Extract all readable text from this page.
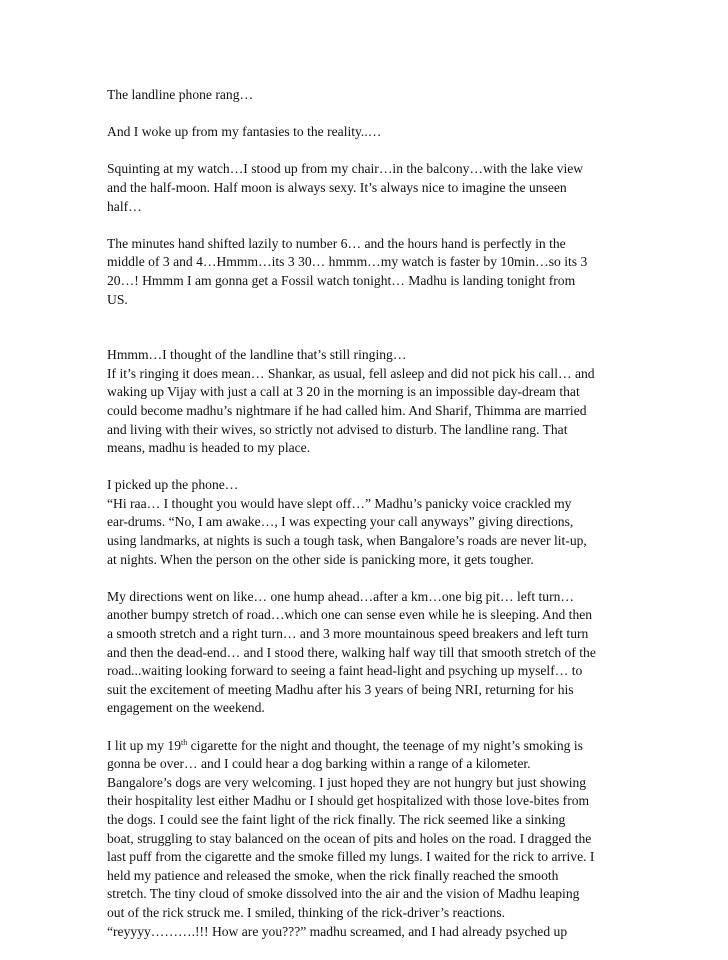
The landline phone rang…

And I woke up from my fantasies to the reality..…

Squinting at my watch…I stood up from my chair…in the balcony…with the lake view
and the half-moon. Half moon is always sexy. It’s always nice to imagine the unseen
half…

The minutes hand shifted lazily to number 6… and the hours hand is perfectly in the
middle of 3 and 4…Hmmm…its 3 30… hmmm…my watch is faster by 10min…so its 3
20…! Hmmm I am gonna get a Fossil watch tonight… Madhu is landing tonight from
US.

Hmmm…I thought of the landline that’s still ringing…
If it’s ringing it does mean… Shankar, as usual, fell asleep and did not pick his call… and
waking up Vijay with just a call at 3 20 in the morning is an impossible day-dream that
could become madhu’s nightmare if he had called him. And Sharif, Thimma are married
and living with their wives, so strictly not advised to disturb. The landline rang. That
means, madhu is headed to my place.

I picked up the phone…
“Hi raa… I thought you would have slept off…” Madhu’s panicky voice crackled my
ear-drums. “No, I am awake…, I was expecting your call anyways” giving directions,
using landmarks, at nights is such a tough task, when Bangalore’s roads are never lit-up,
at nights. When the person on the other side is panicking more, it gets tougher.

My directions went on like… one hump ahead…after a km…one big pit… left turn…
another bumpy stretch of road…which one can sense even while he is sleeping. And then
a smooth stretch and a right turn… and 3 more mountainous speed breakers and left turn
and then the dead-end… and I stood there, walking half way till that smooth stretch of the
road...waiting looking forward to seeing a faint head-light and psyching up myself… to
suit the excitement of meeting Madhu after his 3 years of being NRI, returning for his
engagement on the weekend.

I lit up my 19th cigarette for the night and thought, the teenage of my night’s smoking is
gonna be over… and I could hear a dog barking within a range of a kilometer.
Bangalore’s dogs are very welcoming. I just hoped they are not hungry but just showing
their hospitality lest either Madhu or I should get hospitalized with those love-bites from
the dogs. I could see the faint light of the rick finally. The rick seemed like a sinking
boat, struggling to stay balanced on the ocean of pits and holes on the road. I dragged the
last puff from the cigarette and the smoke filled my lungs. I waited for the rick to arrive. I
held my patience and released the smoke, when the rick finally reached the smooth
stretch. The tiny cloud of smoke dissolved into the air and the vision of Madhu leaping
out of the rick struck me. I smiled, thinking of the rick-driver’s reactions.
“reyyyy……….!!! How are you???” madhu screamed, and I had already psyched up
